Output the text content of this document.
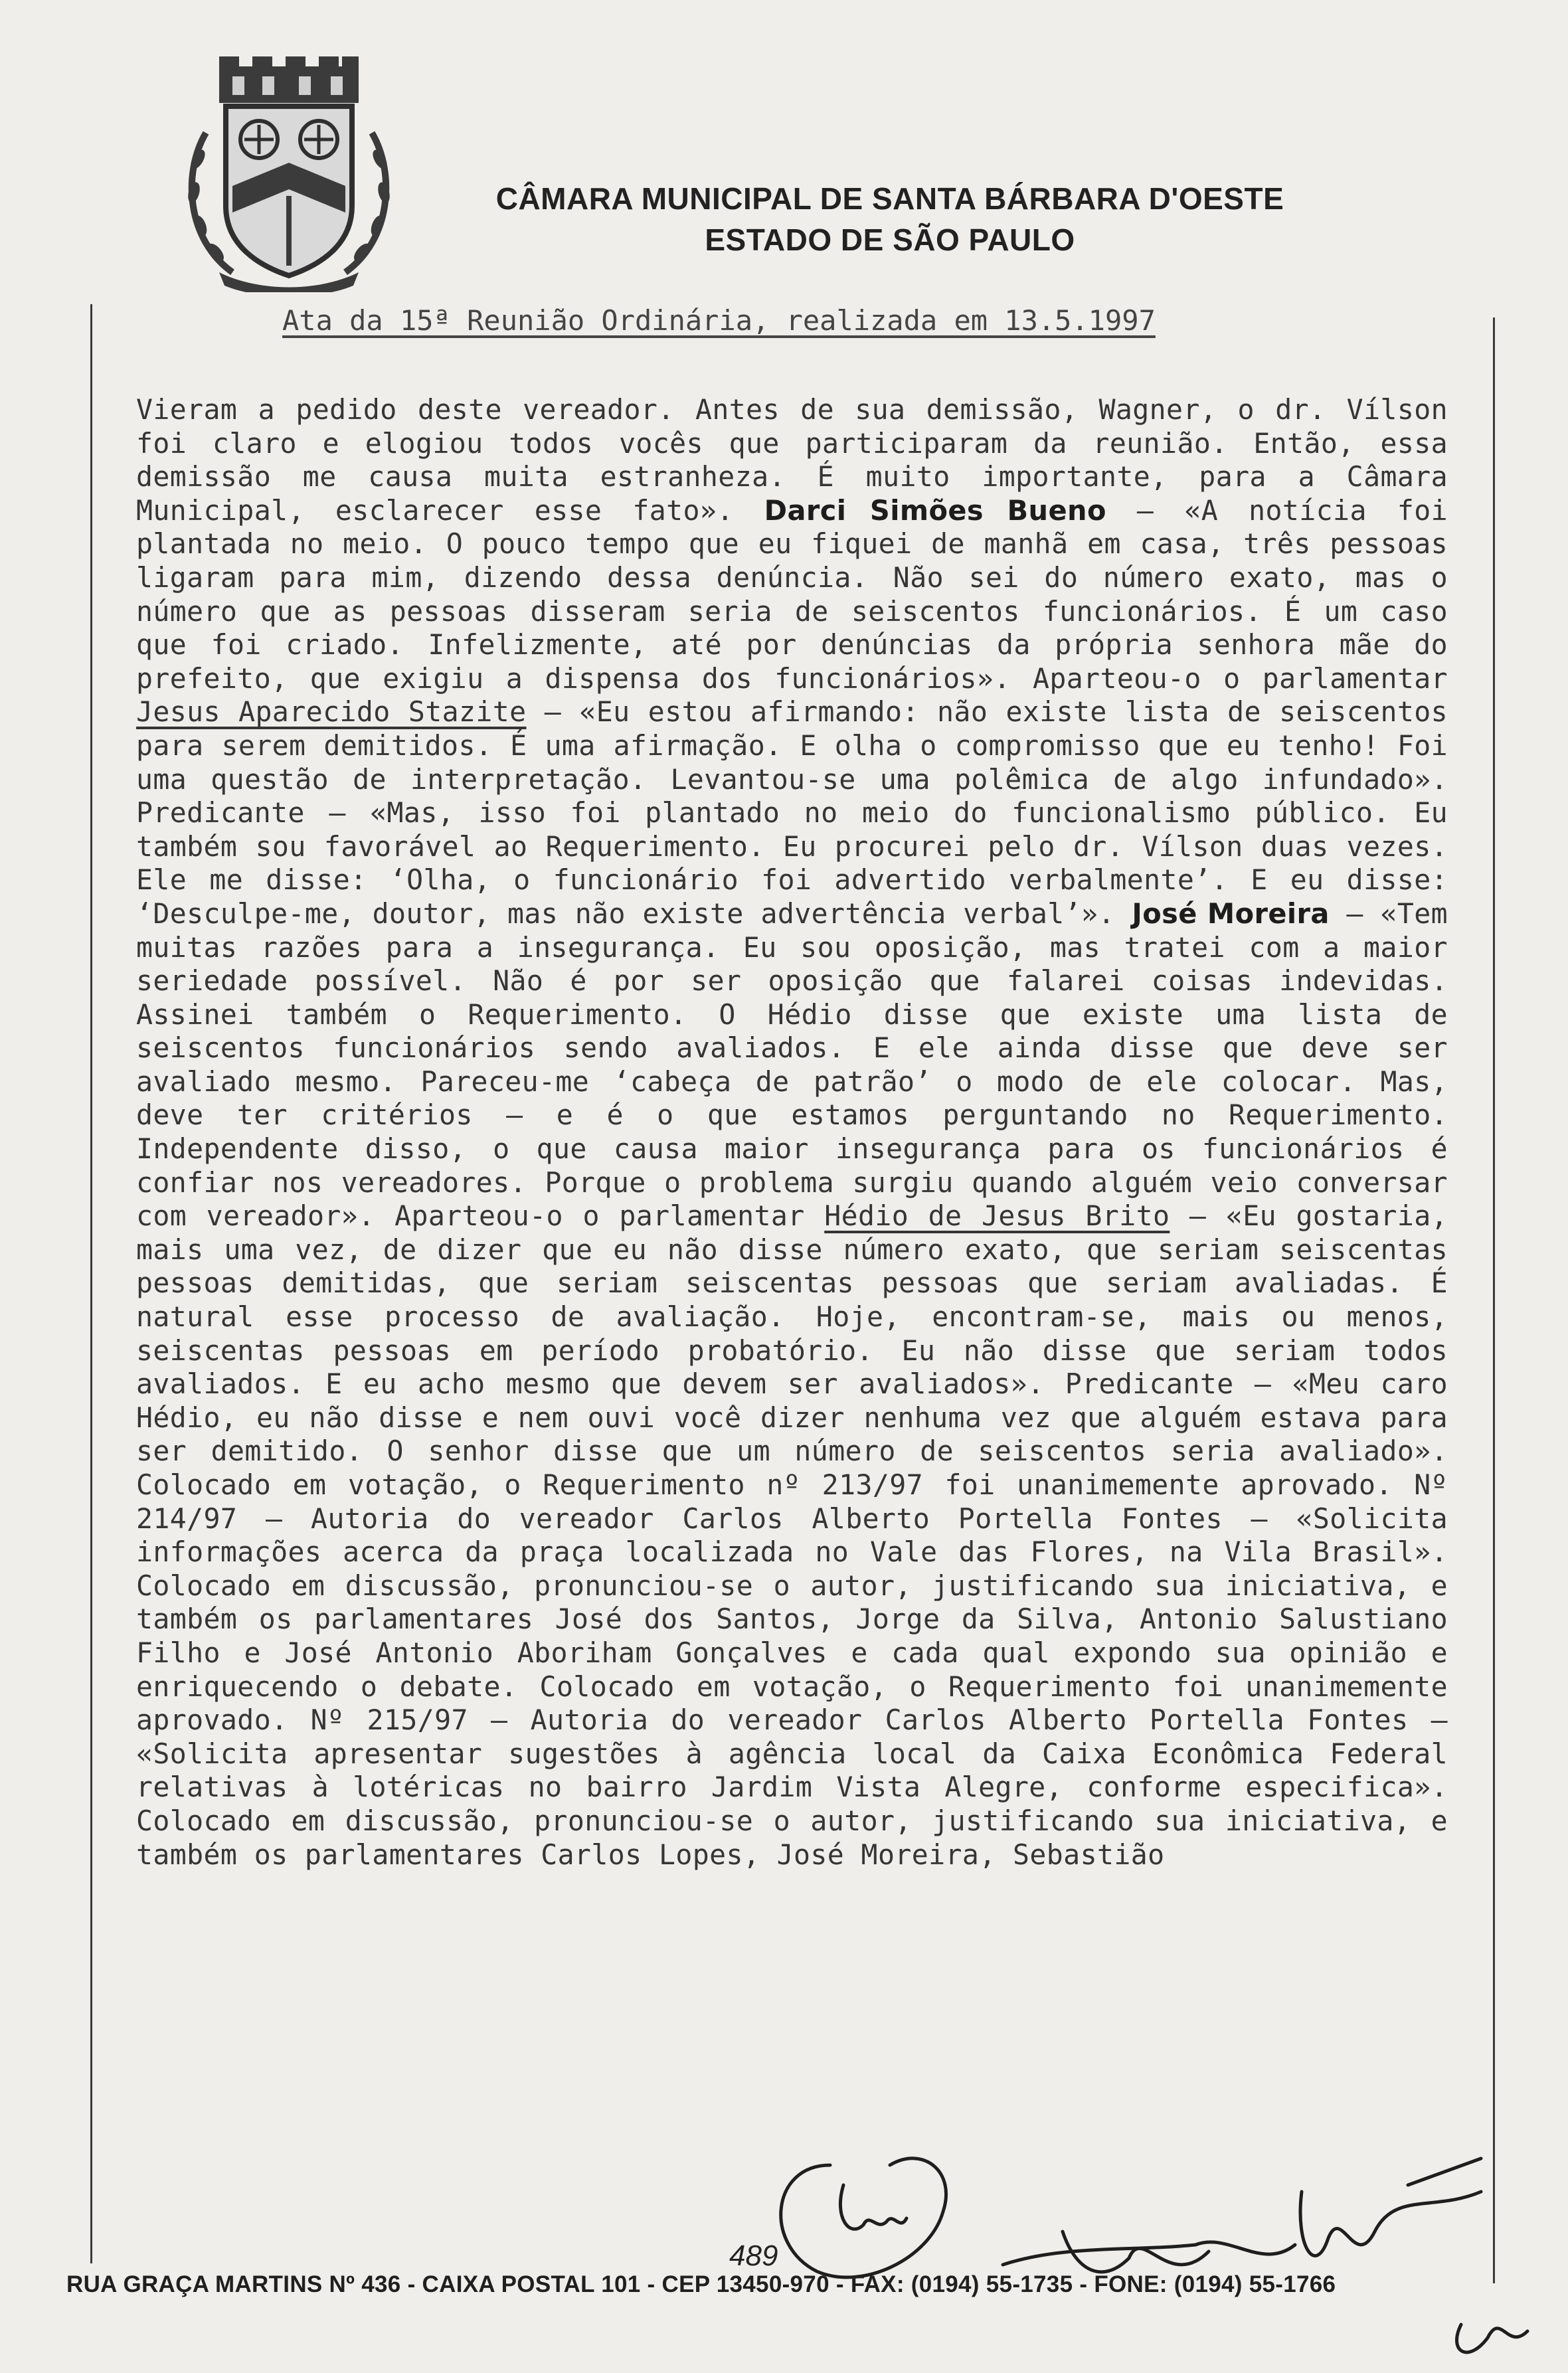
CÂMARA MUNICIPAL DE SANTA BÁRBARA D'OESTE
ESTADO DE SÃO PAULO
Ata da 15ª Reunião Ordinária, realizada em 13.5.1997
Vieram a pedido deste vereador. Antes de sua demissão, Wagner, o dr. Vílson foi claro e elogiou todos vocês que participaram da reunião. Então, essa demissão me causa muita estranheza. É muito importante, para a Câmara Municipal, esclarecer esse fato». Darci Simões Bueno – «A notícia foi plantada no meio. O pouco tempo que eu fiquei de manhã em casa, três pessoas ligaram para mim, dizendo dessa denúncia. Não sei do número exato, mas o número que as pessoas disseram seria de seiscentos funcionários. É um caso que foi criado. Infelizmente, até por denúncias da própria senhora mãe do prefeito, que exigiu a dispensa dos funcionários». Aparteou-o o parlamentar Jesus Aparecido Stazite – «Eu estou afirmando: não existe lista de seiscentos para serem demitidos. É uma afirmação. E olha o compromisso que eu tenho! Foi uma questão de interpretação. Levantou-se uma polêmica de algo infundado». Predicante – «Mas, isso foi plantado no meio do funcionalismo público. Eu também sou favorável ao Requerimento. Eu procurei pelo dr. Vílson duas vezes. Ele me disse: ‘Olha, o funcionário foi advertido verbalmente’. E eu disse: ‘Desculpe-me, doutor, mas não existe advertência verbal’». José Moreira – «Tem muitas razões para a insegurança. Eu sou oposição, mas tratei com a maior seriedade possível. Não é por ser oposição que falarei coisas indevidas. Assinei também o Requerimento. O Hédio disse que existe uma lista de seiscentos funcionários sendo avaliados. E ele ainda disse que deve ser avaliado mesmo. Pareceu-me ‘cabeça de patrão’ o modo de ele colocar. Mas, deve ter critérios – e é o que estamos perguntando no Requerimento. Independente disso, o que causa maior insegurança para os funcionários é confiar nos vereadores. Porque o problema surgiu quando alguém veio conversar com vereador». Aparteou-o o parlamentar Hédio de Jesus Brito – «Eu gostaria, mais uma vez, de dizer que eu não disse número exato, que seriam seiscentas pessoas demitidas, que seriam seiscentas pessoas que seriam avaliadas. É natural esse processo de avaliação. Hoje, encontram-se, mais ou menos, seiscentas pessoas em período probatório. Eu não disse que seriam todos avaliados. E eu acho mesmo que devem ser avaliados». Predicante – «Meu caro Hédio, eu não disse e nem ouvi você dizer nenhuma vez que alguém estava para ser demitido. O senhor disse que um número de seiscentos seria avaliado». Colocado em votação, o Requerimento nº 213/97 foi unanimemente aprovado. Nº 214/97 – Autoria do vereador Carlos Alberto Portella Fontes – «Solicita informações acerca da praça localizada no Vale das Flores, na Vila Brasil». Colocado em discussão, pronunciou-se o autor, justificando sua iniciativa, e também os parlamentares José dos Santos, Jorge da Silva, Antonio Salustiano Filho e José Antonio Aboriham Gonçalves e cada qual expondo sua opinião e enriquecendo o debate. Colocado em votação, o Requerimento foi unanimemente aprovado. Nº 215/97 – Autoria do vereador Carlos Alberto Portella Fontes – «Solicita apresentar sugestões à agência local da Caixa Econômica Federal relativas à lotéricas no bairro Jardim Vista Alegre, conforme especifica». Colocado em discussão, pronunciou-se o autor, justificando sua iniciativa, e também os parlamentares Carlos Lopes, José Moreira, Sebastião
489
RUA GRAÇA MARTINS Nº 436 - CAIXA POSTAL 101 - CEP 13450-970 - FAX: (0194) 55-1735 - FONE: (0194) 55-1766
